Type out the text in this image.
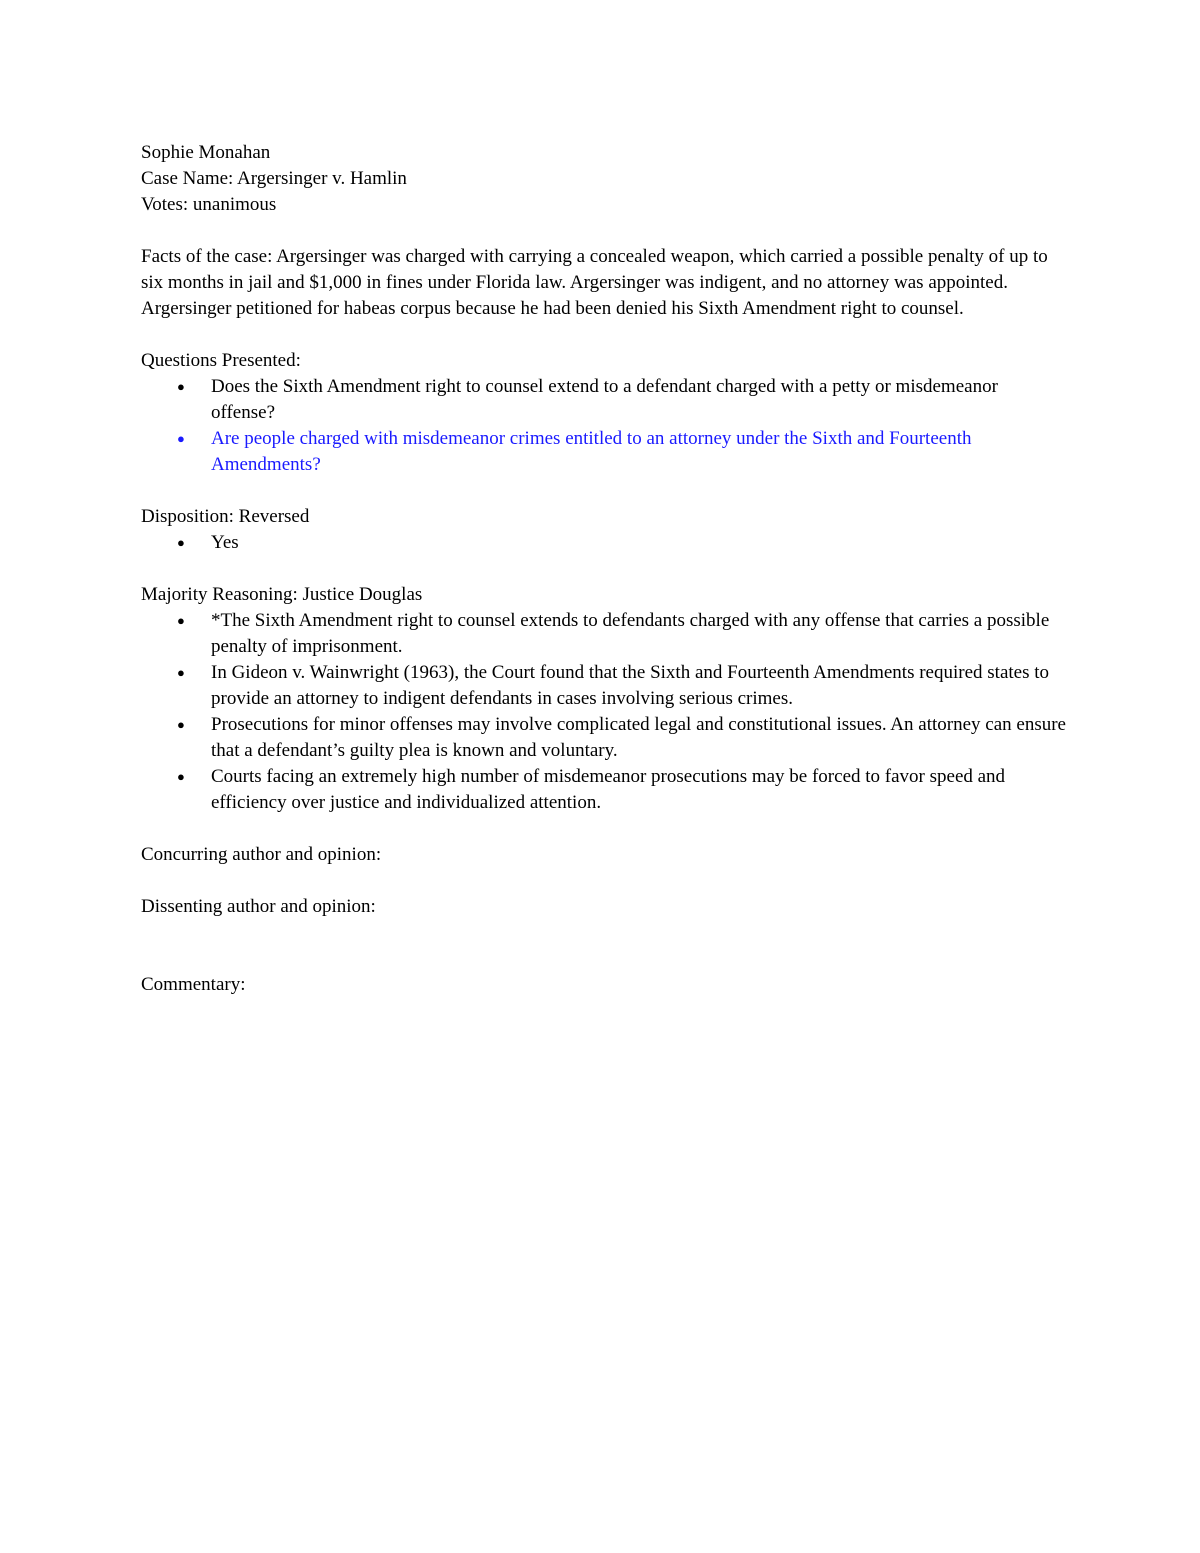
Sophie Monahan

Case Name: Argersinger v. Hamlin

Votes: unanimous

Facts of the case: Argersinger was charged with carrying a concealed weapon, which carried a possible penalty of up to six months in jail and $1,000 in fines under Florida law. Argersinger was indigent, and no attorney was appointed. Argersinger petitioned for habeas corpus because he had been denied his Sixth Amendment right to counsel.

Questions Presented:

● Does the Sixth Amendment right to counsel extend to a defendant charged with a petty or misdemeanor offense?
● Are people charged with misdemeanor crimes entitled to an attorney under the Sixth and Fourteenth Amendments?

Disposition: Reversed

● Yes

Majority Reasoning: Justice Douglas

● *The Sixth Amendment right to counsel extends to defendants charged with any offense that carries a possible penalty of imprisonment.
● In Gideon v. Wainwright (1963), the Court found that the Sixth and Fourteenth Amendments required states to provide an attorney to indigent defendants in cases involving serious crimes.
● Prosecutions for minor offenses may involve complicated legal and constitutional issues. An attorney can ensure that a defendant’s guilty plea is known and voluntary.
● Courts facing an extremely high number of misdemeanor prosecutions may be forced to favor speed and efficiency over justice and individualized attention.

Concurring author and opinion:

Dissenting author and opinion:

Commentary:
